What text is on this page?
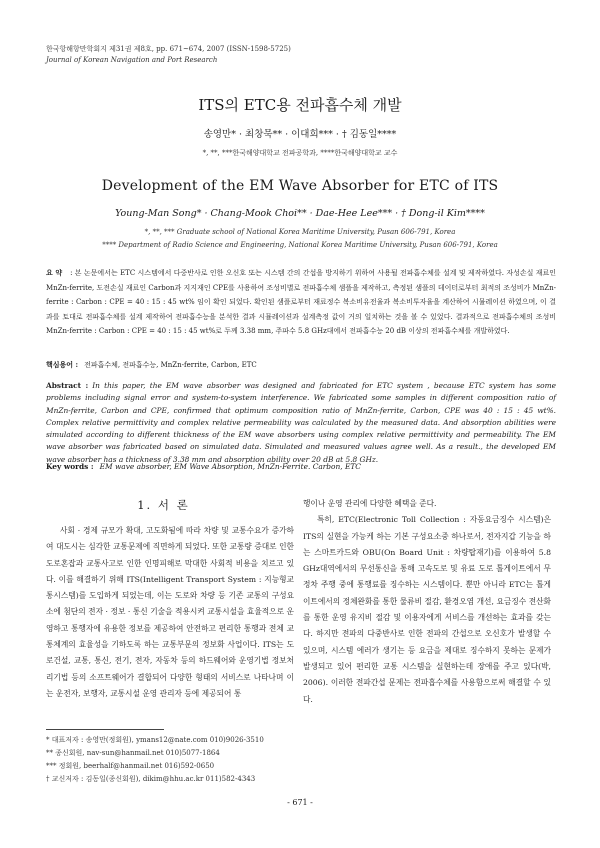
한국항해항만학회지 제31권 제8호, pp. 671~674, 2007 (ISSN-1598-5725)
Journal of Korean Navigation and Port Research
ITS의 ETC용 전파흡수체 개발
송영만* · 최창묵** · 이대희*** · † 김동일****
*, **, ***한국해양대학교 전파공학과, ****한국해양대학교 교수
Development of the EM Wave Absorber for ETC of ITS
Young-Man Song* · Chang-Mook Choi** · Dae-Hee Lee*** · † Dong-il Kim****
*, **, *** Graduate school of National Korea Maritime University, Pusan 606-791, Korea
**** Department of Radio Science and Engineering, National Korea Maritime University, Pusan 606-791, Korea
요 약 : 본 논문에서는 ETC 시스템에서 다중반사로 인한 오신호 또는 시스템 간의 간섭을 방지하기 위하여 사용될 전파흡수체를 설계 및 제작하였다. 자성손실 재료인 MnZn-ferrite, 도전손실 재료인 Carbon과 지지재인 CPE를 사용하여 조성비별로 전파흡수체 샘플을 제작하고, 측정된 샘플의 데이터로부터 최적의 조성비가 MnZn-ferrite : Carbon : CPE = 40 : 15 : 45 wt% 임이 확인 되었다. 확인된 샘플로부터 재료정수 복소비유전율과 복소비투자율을 계산하여 시뮬레이션 하였으며, 이 결과를 토대로 전파흡수체를 설계 제작하여 전파흡수능을 분석한 결과 시뮬레이션과 설계측정 값이 거의 일치하는 것을 볼 수 있었다. 결과적으로 전파흡수체의 조성비 MnZn-ferrite : Carbon : CPE = 40 : 15 : 45 wt%로 두께 3.38 mm, 주파수 5.8 GHz대에서 전파흡수능 20 dB 이상의 전파흡수체를 개발하였다.
핵심용어 : 전파흡수체, 전파흡수능, MnZn-ferrite, Carbon, ETC
Abstract : In this paper, the EM wave absorber was designed and fabricated for ETC system , because ETC system has some problems including signal error and system-to-system interference. We fabricated some samples in different composition ratio of MnZn-ferrite, Carbon and CPE, confirmed that optimum composition ratio of MnZn-ferrite, Carbon, CPE was 40 : 15 : 45 wt%. Complex relative permittivity and complex relative permeability was calculated by the measured data. And absorption abilities were simulated according to different thickness of the EM wave absorbers using complex relative permittivity and permeability. The EM wave absorber was fabricated based on simulated data. Simulated and measured values agree well. As a result., the developed EM wave absorber has a thickness of 3.38 mm and absorption ability over 20 dB at 5.8 GHz.
Key words : EM wave absorber, EM Wave Absorption, MnZn-Ferrite. Carbon, ETC
1. 서 론

사회 · 경제 규모가 확대, 고도화됨에 따라 차량 및 교통수요가 증가하여 대도시는 심각한 교통문제에 직면하게 되었다. 또한 교통량 증대로 인한 도로혼잡과 교통사고로 인한 인명피해로 막대한 사회적 비용을 치르고 있다. 이를 해결하기 위해 ITS(Intelligent Transport System : 지능형교통시스템)를 도입하게 되었는데, 이는 도로와 차량 등 기존 교통의 구성요소에 첨단의 전자 · 정보 · 통신 기술을 적용시켜 교통시설을 효율적으로 운영하고 통행자에 유용한 정보를 제공하여 안전하고 편리한 통행과 전체 교통체계의 효율성을 기하도록 하는 교통부문의 정보화 사업이다. ITS는 도로건설, 교통, 통신, 전기, 전자, 자동차 등의 하드웨어와 운영기법 정보처리기법 등의 소프트웨어가 결합되어 다양한 형태의 서비스로 나타나며 이는 운전자, 보행자, 교통시설 운영 관리자 등에 제공되어 통

행이나 운영 관리에 다양한 혜택을 준다.

특히, ETC(Electronic Toll Collection : 자동요금징수 시스템)은 ITS의 실현을 가능케 하는 기본 구성요소중 하나로서, 전자지갑 기능을 하는 스마트카드와 OBU(On Board Unit : 차량탑재기)를 이용하여 5.8 GHz대역에서의 무선통신을 통해 고속도로 및 유료 도로 톨게이트에서 무정차 주행 중에 통행료를 징수하는 시스템이다. 뿐만 아니라 ETC는 톨게이트에서의 정체완화를 통한 물류비 절감, 환경오염 개선, 요금징수 전산화를 통한 운영 유지비 절감 및 이용자에게 서비스를 개선하는 효과를 갖는다. 하지만 전파의 다중반사로 인한 전파의 간섭으로 오신호가 발생할 수 있으며, 시스템 에러가 생기는 등 요금을 제대로 징수하지 못하는 문제가 발생되고 있어 편리한 교통 시스템을 실현하는데 장애를 주고 있다(박, 2006). 이러한 전파간섭 문제는 전파흡수체를 사용함으로써 해결할 수 있다.

* 대표저자 : 송영만(정회원), ymans12@nate.com 010)9026-3510
** 종신회원, nav-sun@hanmail.net 010)5077-1864
*** 정회원, beerhalf@hanmail.net 016)592-0650
† 교신저자 : 김동일(종신회원), dikim@hhu.ac.kr 011)582-4343
- 671 -
